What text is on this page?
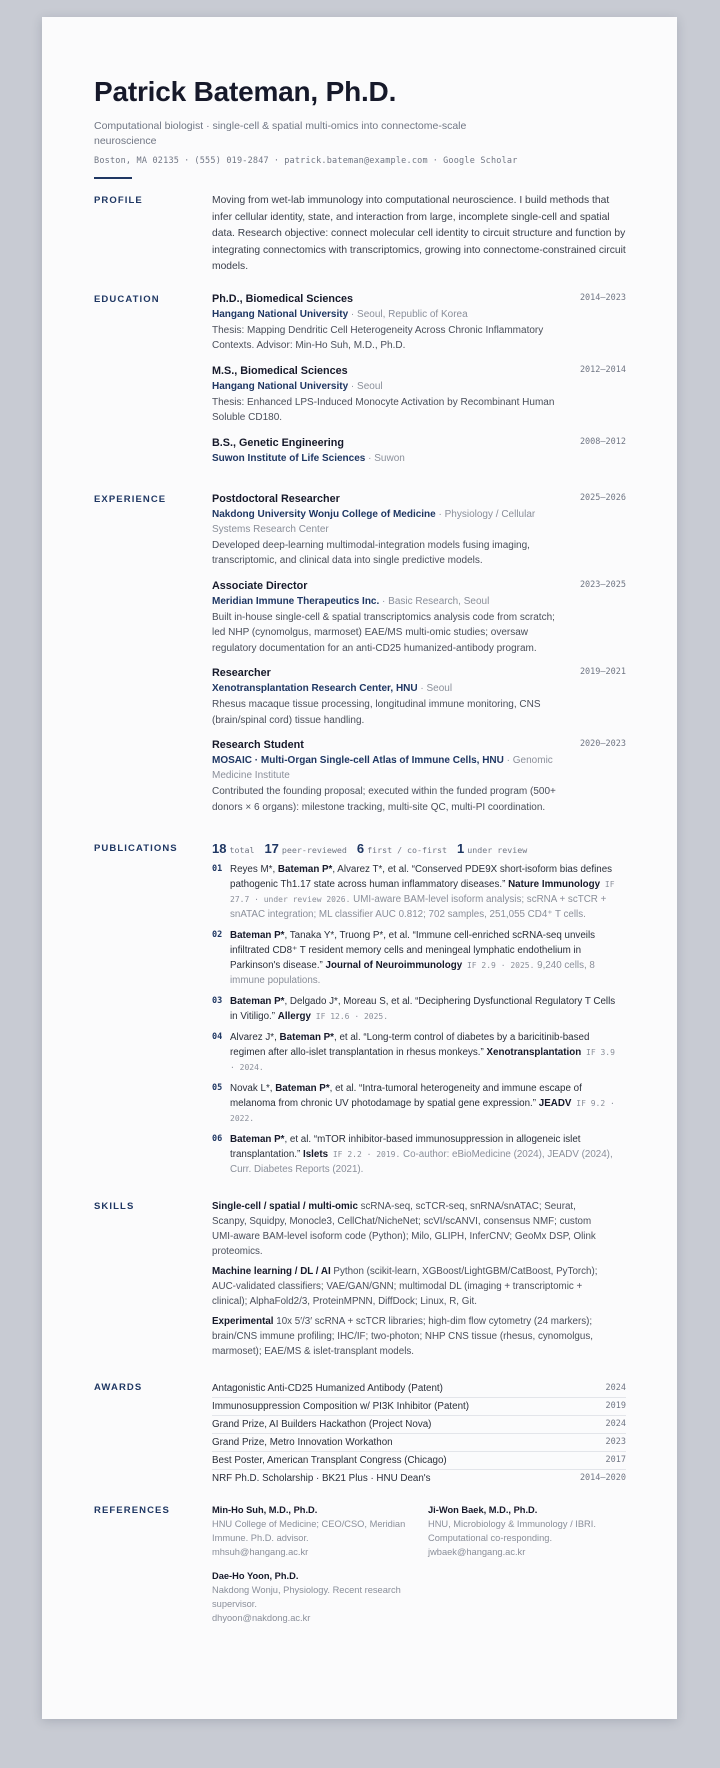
Patrick Bateman, Ph.D.
Computational biologist · single-cell & spatial multi-omics into connectome-scale neuroscience
Boston, MA 02135 · (555) 019-2847 · patrick.bateman@example.com · Google Scholar
PROFILE	Moving from wet-lab immunology into computational neuroscience. I build methods that infer cellular identity, state, and interaction from large, incomplete single-cell and spatial data. Research objective: connect molecular cell identity to circuit structure and function by integrating connectomics with transcriptomics, growing into connectome-constrained circuit models.
EDUCATION	Ph.D., Biomedical Sciences	2014–2023
Hangang National University · Seoul, Republic of Korea
Thesis: Mapping Dendritic Cell Heterogeneity Across Chronic Inflammatory Contexts. Advisor: Min-Ho Suh, M.D., Ph.D.
M.S., Biomedical Sciences	2012–2014
Hangang National University · Seoul
Thesis: Enhanced LPS-Induced Monocyte Activation by Recombinant Human Soluble CD180.
B.S., Genetic Engineering	2008–2012
Suwon Institute of Life Sciences · Suwon
EXPERIENCE	Postdoctoral Researcher	2025–2026
Nakdong University Wonju College of Medicine · Physiology / Cellular Systems Research Center
Developed deep-learning multimodal-integration models fusing imaging, transcriptomic, and clinical data into single predictive models.
Associate Director	2023–2025
Meridian Immune Therapeutics Inc. · Basic Research, Seoul
Built in-house single-cell & spatial transcriptomics analysis code from scratch; led NHP (cynomolgus, marmoset) EAE/MS multi-omic studies; oversaw regulatory documentation for an anti-CD25 humanized-antibody program.
Researcher	2019–2021
Xenotransplantation Research Center, HNU · Seoul
Rhesus macaque tissue processing, longitudinal immune monitoring, CNS (brain/spinal cord) tissue handling.
Research Student	2020–2023
MOSAIC · Multi-Organ Single-cell Atlas of Immune Cells, HNU · Genomic Medicine Institute
Contributed the founding proposal; executed within the funded program (500+ donors × 6 organs): milestone tracking, multi-site QC, multi-PI coordination.
PUBLICATIONS	18 total 17 peer-reviewed 6 first / co-first 1 under review
01 Reyes M*, Bateman P*, Alvarez T*, et al. “Conserved PDE9X short-isoform bias defines pathogenic Th1.17 state across human inflammatory diseases.” Nature Immunology IF 27.7 · under review 2026. UMI-aware BAM-level isoform analysis; scRNA + scTCR + snATAC integration; ML classifier AUC 0.812; 702 samples, 251,055 CD4⁺ T cells.
02 Bateman P*, Tanaka Y*, Truong P*, et al. “Immune cell-enriched scRNA-seq unveils infiltrated CD8⁺ T resident memory cells and meningeal lymphatic endothelium in Parkinson's disease.” Journal of Neuroimmunology IF 2.9 · 2025. 9,240 cells, 8 immune populations.
03 Bateman P*, Delgado J*, Moreau S, et al. “Deciphering Dysfunctional Regulatory T Cells in Vitiligo.” Allergy IF 12.6 · 2025.
04 Alvarez J*, Bateman P*, et al. “Long-term control of diabetes by a baricitinib-based regimen after allo-islet transplantation in rhesus monkeys.” Xenotransplantation IF 3.9 · 2024.
05 Novak L*, Bateman P*, et al. “Intra-tumoral heterogeneity and immune escape of melanoma from chronic UV photodamage by spatial gene expression.” JEADV IF 9.2 · 2022.
06 Bateman P*, et al. “mTOR inhibitor-based immunosuppression in allogeneic islet transplantation.” Islets IF 2.2 · 2019. Co-author: eBioMedicine (2024), JEADV (2024), Curr. Diabetes Reports (2021).
SKILLS	Single-cell / spatial / multi-omic scRNA-seq, scTCR-seq, snRNA/snATAC; Seurat, Scanpy, Squidpy, Monocle3, CellChat/NicheNet; scVI/scANVI, consensus NMF; custom UMI-aware BAM-level isoform code (Python); Milo, GLIPH, InferCNV; GeoMx DSP, Olink proteomics.
Machine learning / DL / AI Python (scikit-learn, XGBoost/LightGBM/CatBoost, PyTorch); AUC-validated classifiers; VAE/GAN/GNN; multimodal DL (imaging + transcriptomic + clinical); AlphaFold2/3, ProteinMPNN, DiffDock; Linux, R, Git.
Experimental 10x 5′/3′ scRNA + scTCR libraries; high-dim flow cytometry (24 markers); brain/CNS immune profiling; IHC/IF; two-photon; NHP CNS tissue (rhesus, cynomolgus, marmoset); EAE/MS & islet-transplant models.
AWARDS	Antagonistic Anti-CD25 Humanized Antibody (Patent)	2024
Immunosuppression Composition w/ PI3K Inhibitor (Patent)	2019
Grand Prize, AI Builders Hackathon (Project Nova)	2024
Grand Prize, Metro Innovation Workathon	2023
Best Poster, American Transplant Congress (Chicago)	2017
NRF Ph.D. Scholarship · BK21 Plus · HNU Dean's	2014–2020
REFERENCES	Min-Ho Suh, M.D., Ph.D.
HNU College of Medicine; CEO/CSO, Meridian Immune. Ph.D. advisor.
mhsuh@hangang.ac.kr
Ji-Won Baek, M.D., Ph.D.
HNU, Microbiology & Immunology / IBRI. Computational co-responding.
jwbaek@hangang.ac.kr
Dae-Ho Yoon, Ph.D.
Nakdong Wonju, Physiology. Recent research supervisor.
dhyoon@nakdong.ac.kr
